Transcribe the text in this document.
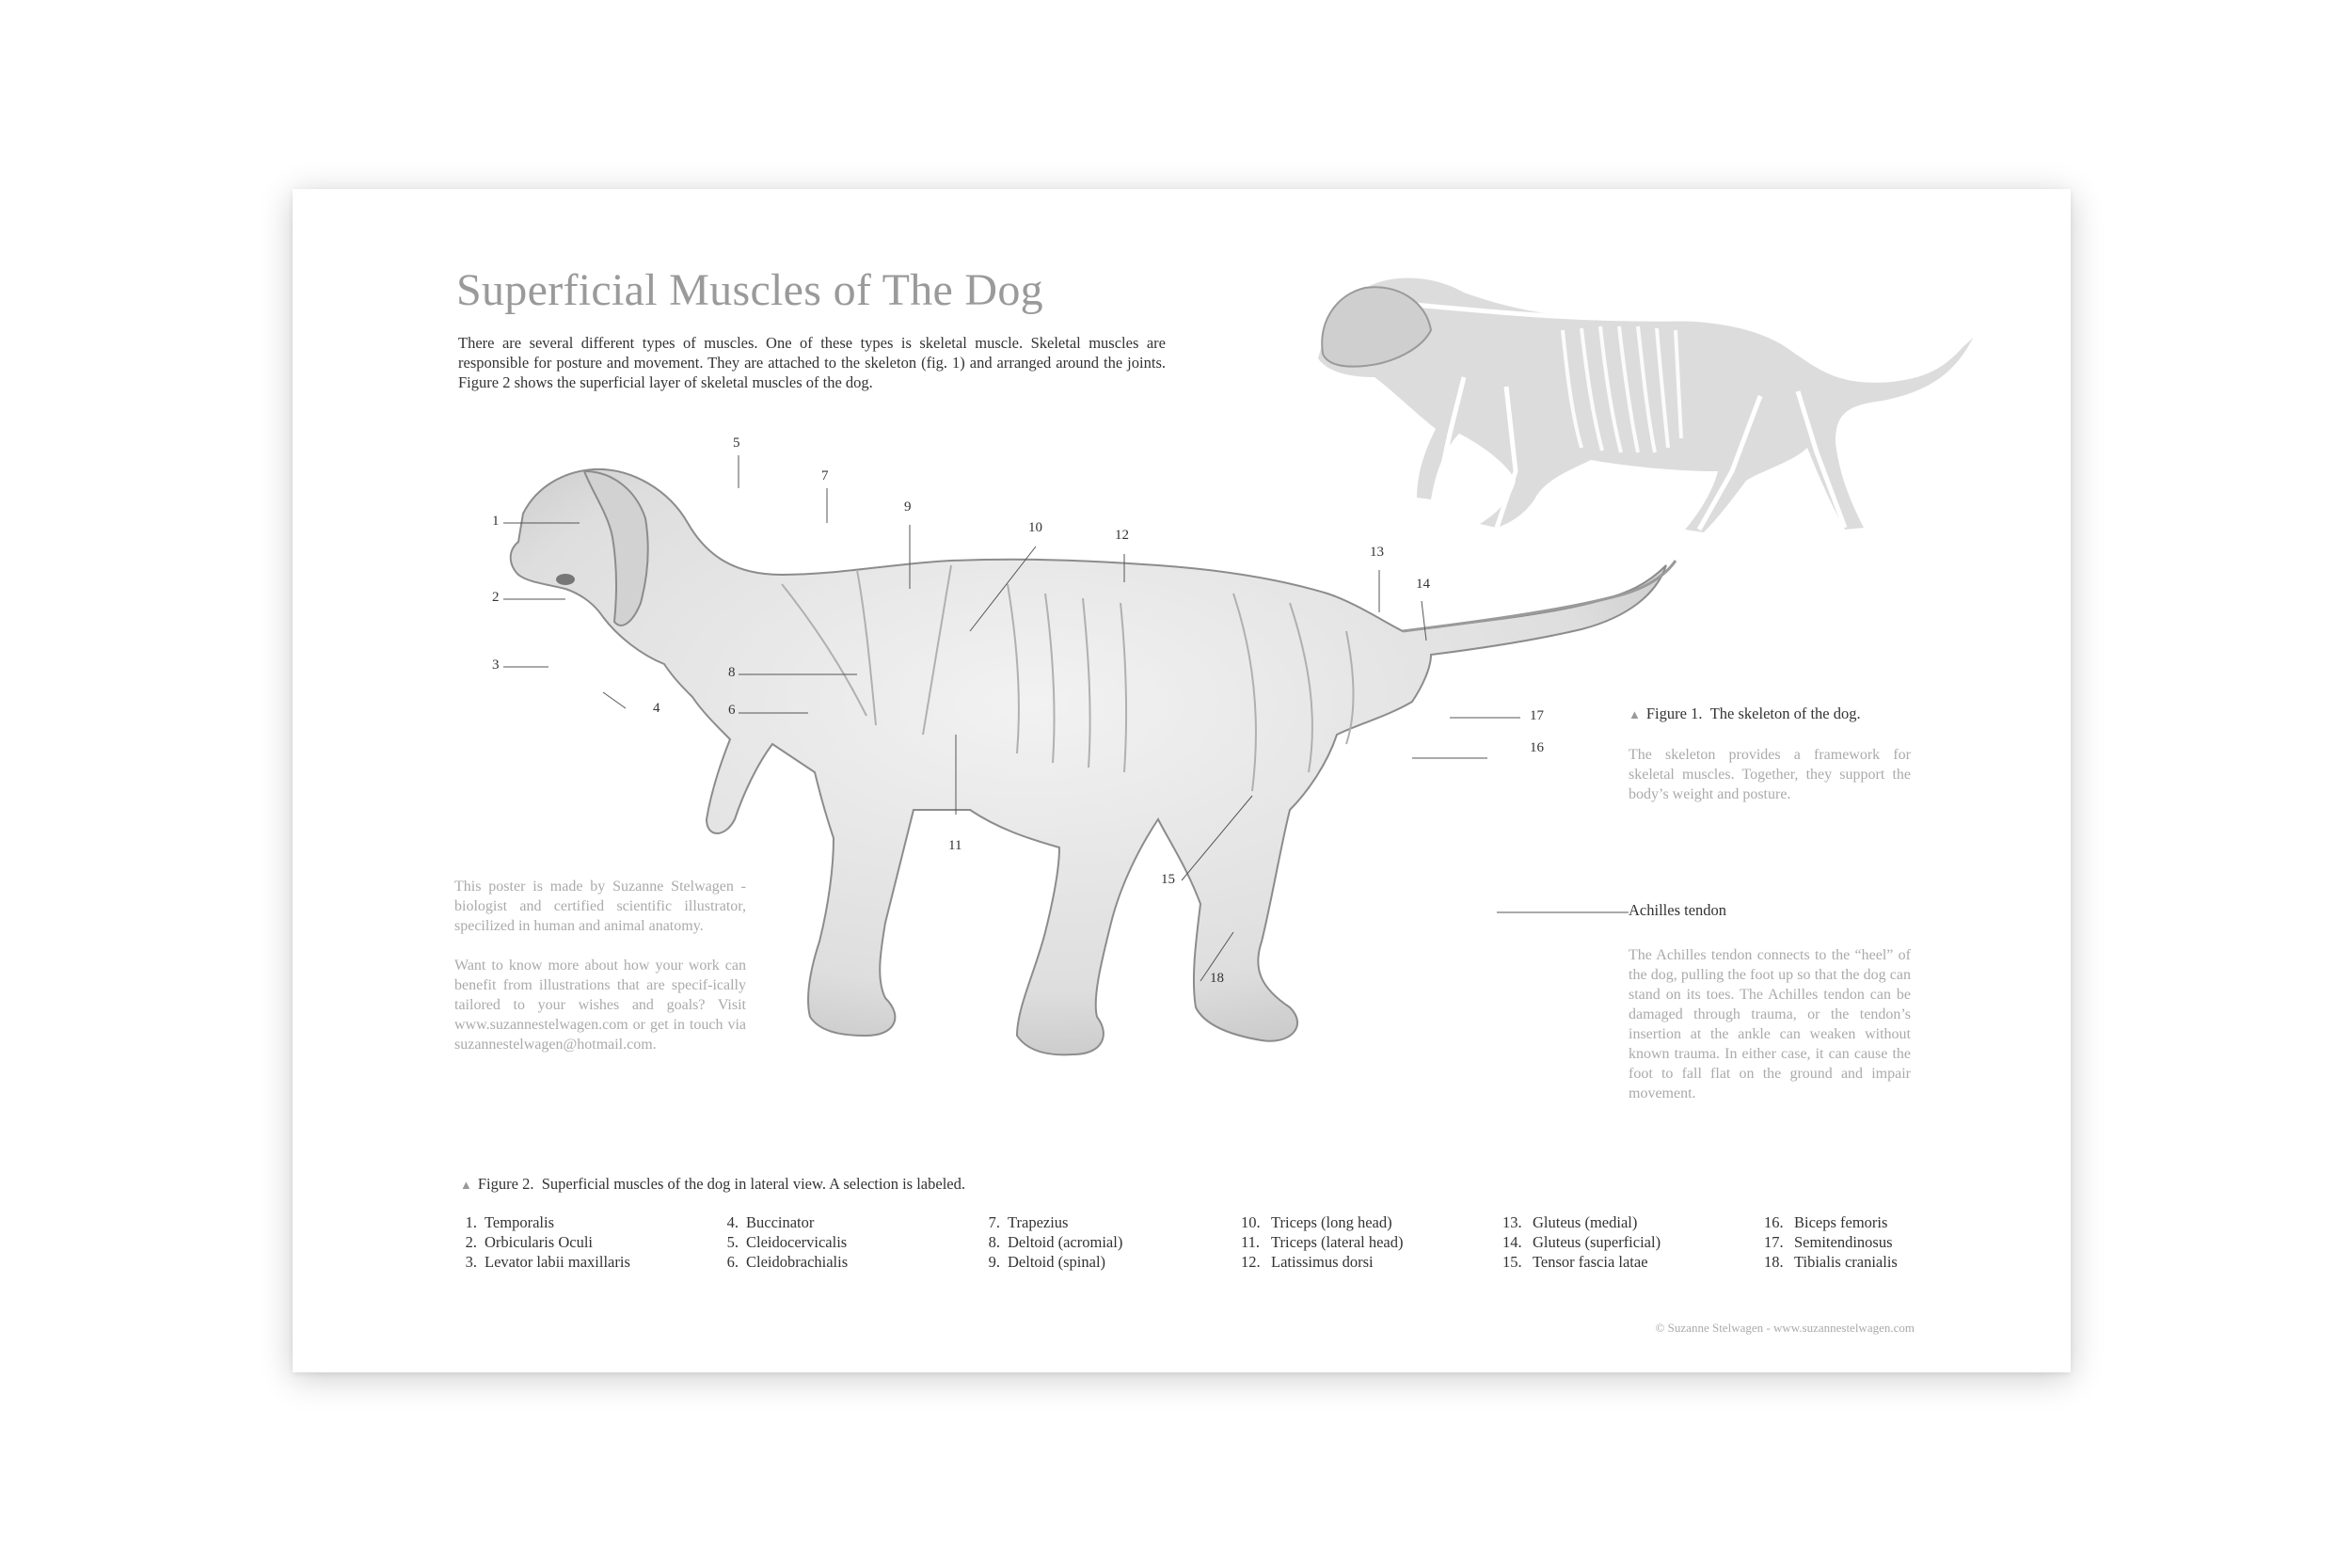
Superficial Muscles of The Dog

There are several different types of muscles. One of these types is skeletal muscle. Skeletal muscles are responsible for posture and movement. They are attached to the skeleton (fig. 1) and arranged around the joints. Figure 2 shows the superficial layer of skeletal muscles of the dog.

1
2
3
4
5
6
7
8
9
10
11
12
13
14
15
16
17
18
▲ Figure 1. The skeleton of the dog.

The skeleton provides a framework for skeletal muscles. Together, they support the body’s weight and posture.

Achilles tendon

The Achilles tendon connects to the “heel” of the dog, pulling the foot up so that the dog can stand on its toes. The Achilles tendon can be damaged through trauma, or the tendon’s insertion at the ankle can weaken without known trauma. In either case, it can cause the foot to fall flat on the ground and impair movement.

This poster is made by Suzanne Stelwagen - biologist and certified scientific illustrator, specilized in human and animal anatomy.

Want to know more about how your work can benefit from illustrations that are specif-ically tailored to your wishes and goals? Visit www.suzannestelwagen.com or get in touch via suzannestelwagen@hotmail.com.

▲ Figure 2. Superficial muscles of the dog in lateral view. A selection is labeled.
1. Temporalis
2. Orbicularis Oculi
3. Levator labii maxillaris
4. Buccinator
5. Cleidocervicalis
6. Cleidobrachialis
7. Trapezius
8. Deltoid (acromial)
9. Deltoid (spinal)
10. Triceps (long head)
11. Triceps (lateral head)
12. Latissimus dorsi
13. Gluteus (medial)
14. Gluteus (superficial)
15. Tensor fascia latae
16. Biceps femoris
17. Semitendinosus
18. Tibialis cranialis
© Suzanne Stelwagen - www.suzannestelwagen.com
